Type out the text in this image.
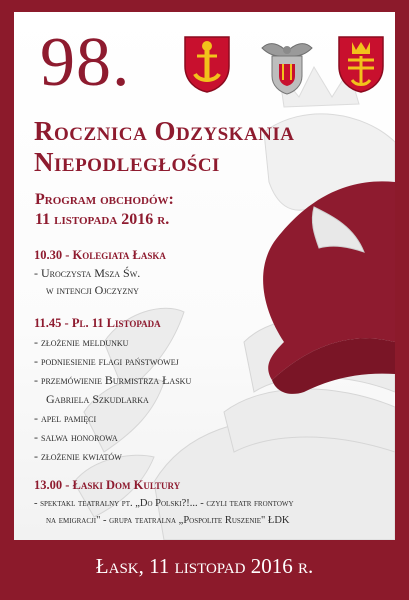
98.
Rocznica Odzyskania
Niepodległości

Program obchodów:

11 listopada 2016 r.

10.30 - Kolegiata Łaska
- Uroczysta Msza Św.
w intencji Ojczyzny
11.45 - Pl. 11 Listopada
- złożenie meldunku
- podniesienie flagi państwowej
- przemówienie Burmistrza Łasku
Gabriela Szkudlarka
- apel pamięci
- salwa honorowa
- złożenie kwiatów
13.00 - Łaski Dom Kultury
- spektakl teatralny pt. „Do Polski?!... - czyli teatr frontowy
na emigracji" - grupa teatralna „Pospolite Ruszenie" ŁDK
Łask, 11 listopad 2016 r.
